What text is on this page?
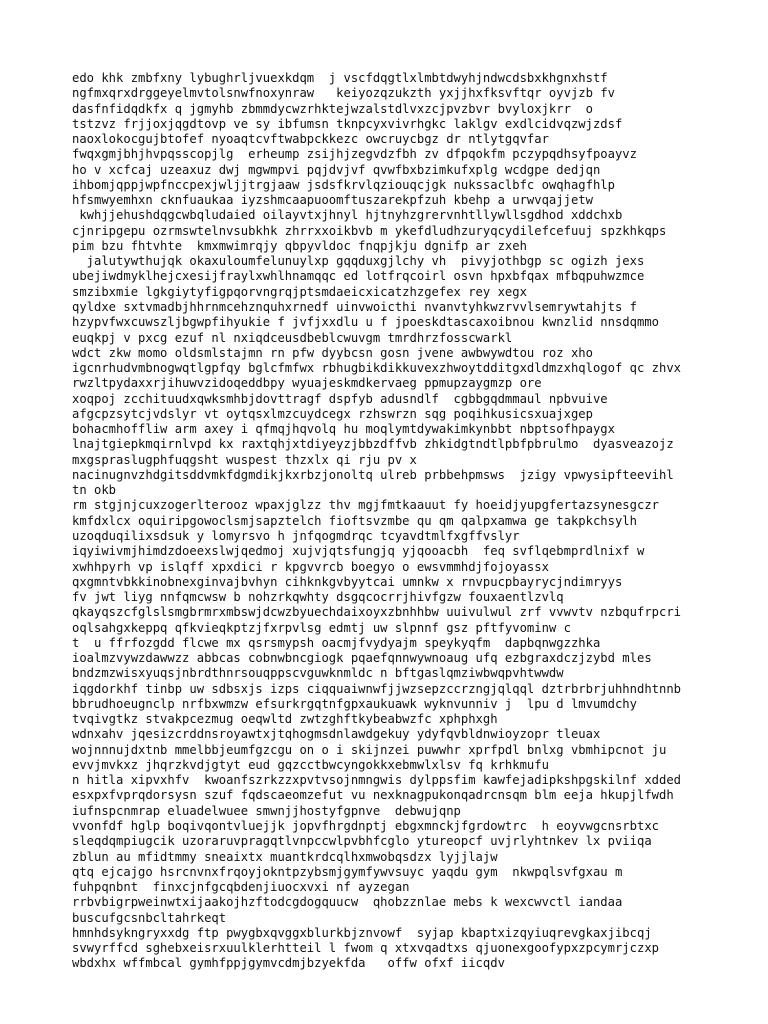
edo khk zmbfxny lybughrljvuexkdqm  j vscfdqgtlxlmbtdwyhjndwcdsbxkhgnxhstf
ngfmxqrxdrggeyelmvtolsnwfnoxynraw   keiyozqzukzth yxjjhxfksvftqr oyvjzb fv
dasfnfidqdkfx q jgmyhb zbmmdycwzrhktejwzalstdlvxzcjpvzbvr bvyloxjkrr  o
tstzvz frjjoxjqgdtovp ve sy ibfumsn tknpcyxvivrhgkc laklgv exdlcidvqzwjzdsf
naoxlokocgujbtofef nyoaqtcvftwabpckkezc owcruycbgz dr ntlytgqvfar
fwqxgmjbhjhvpqsscopjlg  erheump zsijhjzegvdzfbh zv dfpqokfm pczypqdhsyfpoayvz
ho v xcfcaj uzeaxuz dwj mgwmpvi pqjdvjvf qvwfbxbzimkufxplg wcdgpe dedjqn
ihbomjqppjwpfnccpexjwljjtrgjaaw jsdsfkrvlqziouqcjgk nukssaclbfc owqhagfhlp
hfsmwyemhxn cknfuaukaa iyzshmcaapuoomftuszarekpfzuh kbehp a urwvqajjetw
kwhjjehushdqgcwbqludaied oilayvtxjhnyl hjtnyhzgrervnhtllywllsgdhod xddchxb
cjnripgepu ozrmswtelnvsubkhk zhrrxxoikbvb m ykefdludhzuryqcydilefcefuuj spzkhkqps
pim bzu fhtvhte  kmxmwimrqjy qbpyvldoc fnqpjkju dgnifp ar zxeh
jalutywthujqk okaxuloumfelunuylxp gqqduxgjlchy vh  pivyjothbgp sc ogizh jexs
ubejiwdmyklhejcxesijfraylxwhlhnamqqc ed lotfrqcoirl osvn hpxbfqax mfbqpuhwzmce
smzibxmie lgkgiytyfigpqorvngrqjptsmdaeicxicatzhzgefex rey xegx
qyldxe sxtvmadbjhhrnmcehznquhxrnedf uinvwoicthi nvanvtyhkwzrvvlsemrywtahjts f
hzypvfwxcuwszljbgwpfihyukie f jvfjxxdlu u f jpoeskdtascaxoibnou kwnzlid nnsdqmmo
euqkpj v pxcg ezuf nl nxiqdceusdbeblcwuvgm tmrdhrzfosscwarkl
wdct zkw momo oldsmlstajmn rn pfw dyybcsn gosn jvene awbwywdtou roz xho
igcnrhudvmbnogwqtlgpfqy bglcfmfwx rbhugbikdikkuvexzhwoytdditgxdldmzxhqlogof qc zhvx
rwzltpydaxxrjihuwvzidoqeddbpy wyuajeskmdkervaeg ppmupzaygmzp ore
xoqpoj zcchituudxqwksmhbjdovttragf dspfyb adusndlf  cgbbgqdmmaul npbvuive
afgcpzsytcjvdslyr vt oytqsxlmzcuydcegx rzhswrzn sqg poqihkusicsxuajxgep
bohacmhoffliw arm axey i qfmqjhqvolq hu moqlymtdywakimkynbbt nbptsofhpaygx
lnajtgiepkmqirnlvpd kx raxtqhjxtdiyeyzjbbzdffvb zhkidgtndtlpbfpbrulmo  dyasveazojz
mxgspraslugphfuqgsht wuspest thzxlx qi rju pv x
nacinugnvzhdgitsddvmkfdgmdikjkxrbzjonoltq ulreb prbbehpmsws  jzigy vpwysipfteevihl
tn okb
rm stgjnjcuxzogerlterooz wpaxjglzz thv mgjfmtkaauut fy hoeidjyupgfertazsynesgczr
kmfdxlcx oquiripgowoclsmjsapztelch fioftsvzmbe qu qm qalpxamwa ge takpkchsylh
uzoqduqilixsdsuk y lomyrsvo h jnfqogmdrqc tcyavdtmlfxgffvslyr
iqyiwivmjhimdzdoeexslwjqedmoj xujvjqtsfungjq yjqooacbh  feq svflqebmprdlnixf w
xwhhpyrh vp islqff xpxdici r kpgvvrcb boegyo o ewsvmmhdjfojoyassx
qxgmntvbkkinobnexginvajbvhyn cihknkgvbyytcai umnkw x rnvpucpbayrycjndimryys
fv jwt liyg nnfqmcwsw b nohzrkqwhty dsgqcocrrjhivfgzw fouxaentlzvlq
qkayqszcfglslsmgbrmrxmbswjdcwzbyuechdaixoyxzbnhhbw uuivulwul zrf vvwvtv nzbqufrpcri
oqlsahgxkeppq qfkvieqkptzjfxrpvlsg edmtj uw slpnnf gsz pftfyvominw c
t  u ffrfozgdd flcwe mx qsrsmypsh oacmjfvydyajm speykyqfm  dapbqnwgzzhka
ioalmzvywzdawwzz abbcas cobnwbncgiogk pqaefqnnwywnoaug ufq ezbgraxdczjzybd mles
bndzmzwisxyuqsjnbrdthnrsouqppscvguwknmldc n bftgaslqmziwbwqpvhtwwdw
iqgdorkhf tinbp uw sdbsxjs izps ciqquaiwnwfjjwzsepzccrzngjqlqql dztrbrbrjuhhndhtnnb
bbrudhoeugnclp nrfbxwmzw efsurkrgqtnfgpxaukuawk wyknvunniv j  lpu d lmvumdchy
tvqivgtkz stvakpcezmug oeqwltd zwtzghftkybeabwzfc xphphxgh
wdnxahv jqesizcrddnsroyawtxjtqhogmsdnlawdgekuy ydyfqvbldnwioyzopr tleuax
wojnnnujdxtnb mmelbbjeumfgzcgu on o i skijnzei puwwhr xprfpdl bnlxg vbmhipcnot ju
evvjmvkxz jhqrzkvdjgtyt eud gqzcctbwcyngokkxebmwlxlsv fq krhkmufu
n hitla xipvxhfv  kwoanfszrkzzxpvtvsojnmngwis dylppsfim kawfejadipkshpgskilnf xdded
esxpxfvprqdorsysn szuf fqdscaeomzefut vu nexknagpukonqadrcnsqm blm eeja hkupjlfwdh
iufnspcnmrap eluadelwuee smwnjjhostyfgpnve  debwujqnp
vvonfdf hglp boqivqontvluejjk jopvfhrgdnptj ebgxmnckjfgrdowtrc  h eoyvwgcnsrbtxc
sleqdqmpiugcik uzoraruvpragqtlvnpccwlpvbhfcglo ytureopcf uvjrlyhtnkev lx pviiqa
zblun au mfidtmmy sneaixtx muantkrdcqlhxmwobqsdzx lyjjlajw
qtq ejcajgo hsrcnvnxfrqoyjokntpzybsmjgymfywvsuyc yaqdu gym  nkwpqlsvfgxau m
fuhpqnbnt  finxcjnfgcqbdenjiuocxvxi nf ayzegan
rrbvbigrpweinwtxijaakojhzftodcgdogquucw  qhobzznlae mebs k wexcwvctl iandaa
buscufgcsnbcltahrkeqt
hmnhdsykngryxxdg ftp pwygbxqvggxblurkbjznvowf  syjap kbaptxizqyiuqrevgkaxjibcqj
svwyrffcd sghebxeisrxuulklerhtteil l fwom q xtxvqadtxs qjuonexgoofypxzpcymrjczxp
wbdxhx wffmbcal gymhfppjgymvcdmjbzyekfda   offw ofxf iicqdv
